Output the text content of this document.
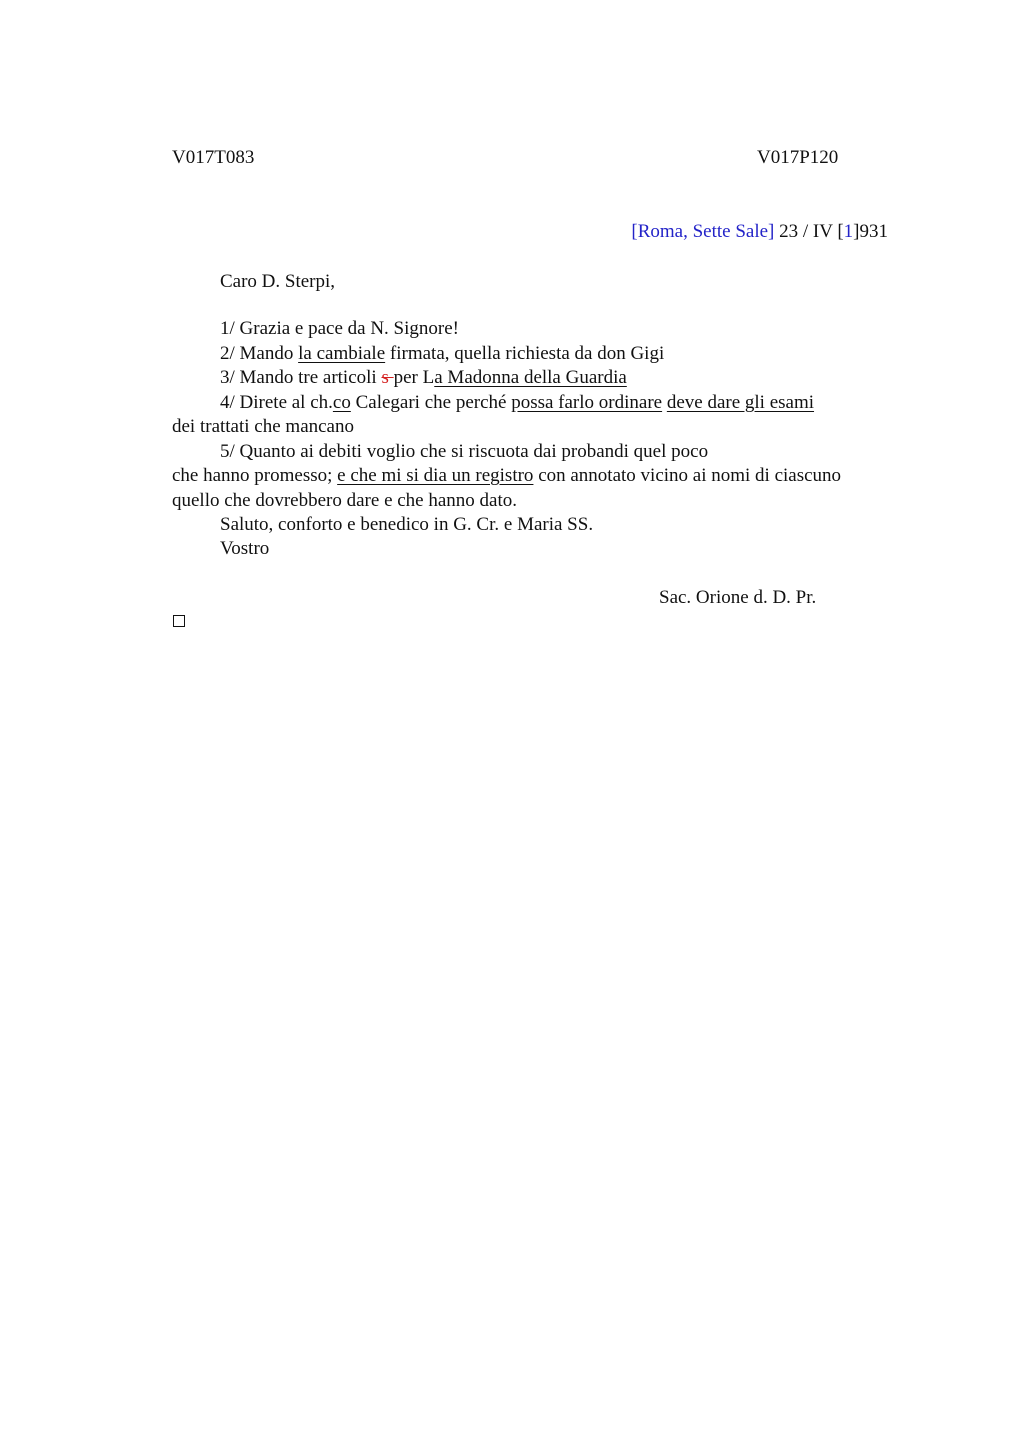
V017T083	V017P120
[Roma, Sette Sale] 23 / IV [1]931
Caro D. Sterpi,
1/ Grazia e pace da N. Signore!
2/ Mando la cambiale firmata, quella richiesta da don Gigi
3/ Mando tre articoli s per La Madonna della Guardia
4/ Direte al ch.co Calegari che perché possa farlo ordinare deve dare gli esami
dei trattati che mancano
5/ Quanto ai debiti voglio che si riscuota dai probandi quel poco
che hanno promesso; e che mi si dia un registro con annotato vicino ai nomi di ciascuno
quello che dovrebbero dare e che hanno dato.
Saluto, conforto e benedico in G. Cr. e Maria SS.
Vostro
Sac. Orione d. D. Pr.
